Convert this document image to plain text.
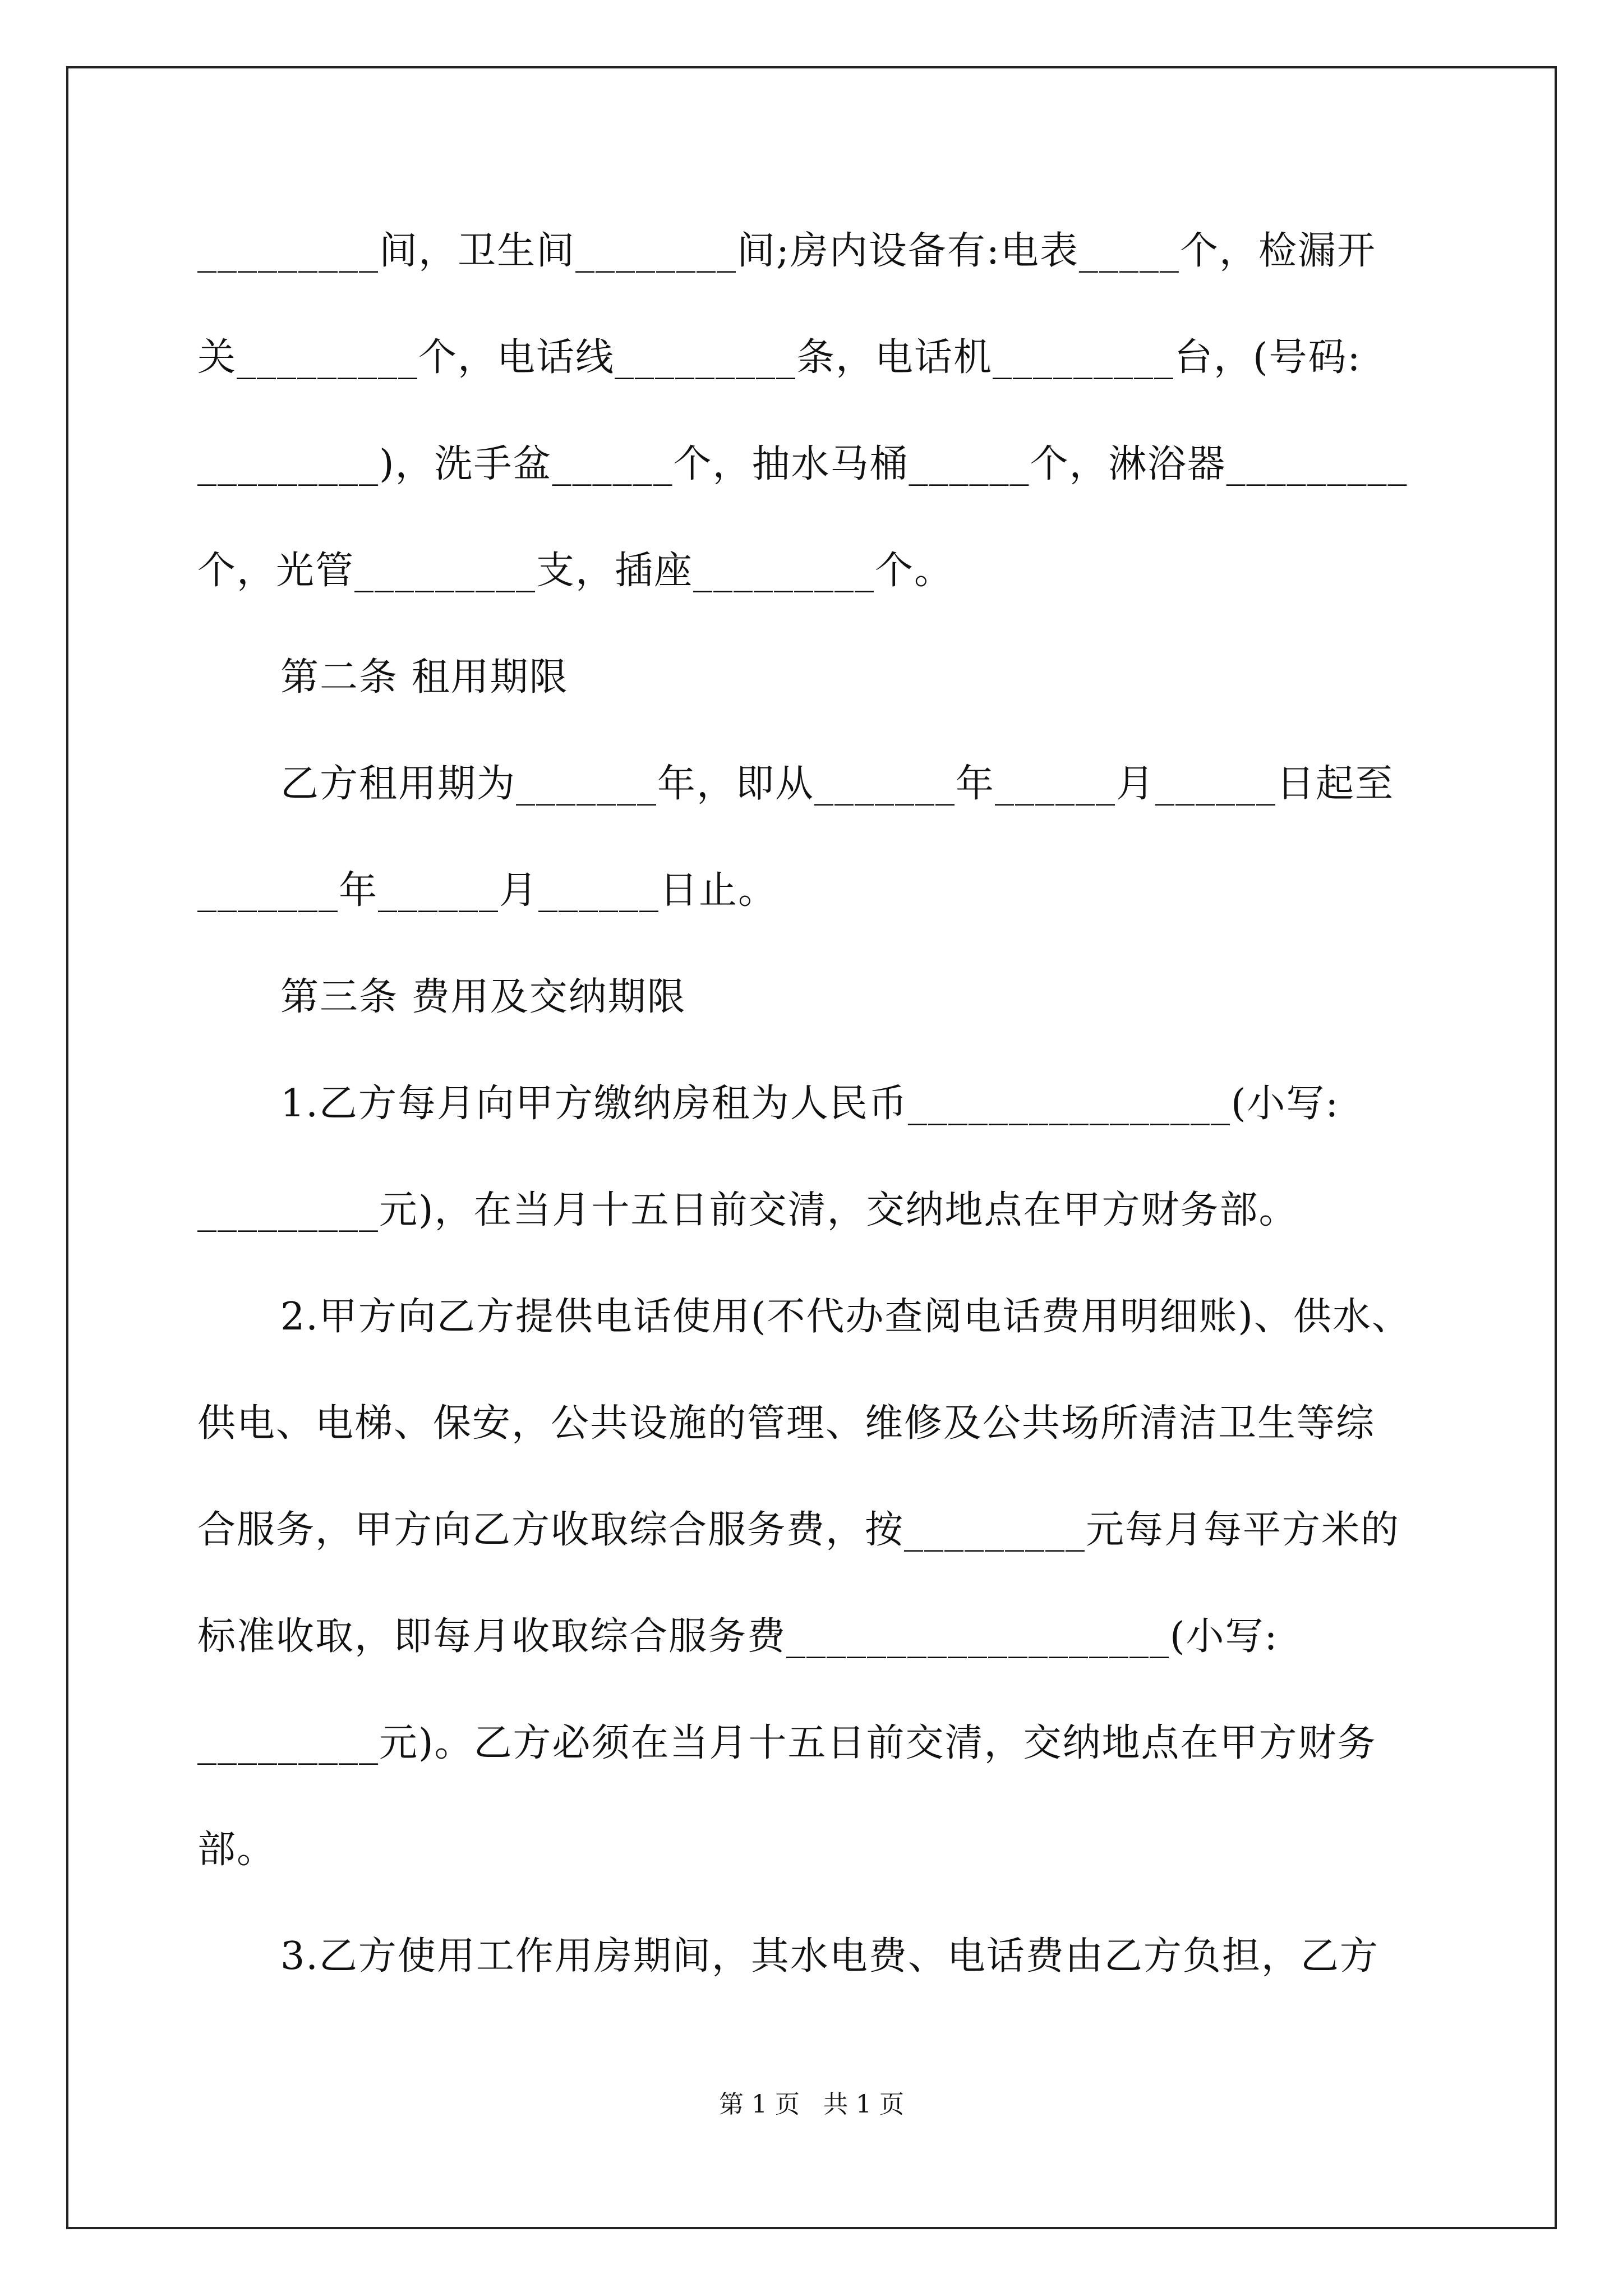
_________间，卫生间________间;房内设备有:电表_____个，检漏开
关_________个，电话线_________条，电话机_________台，(号码:
_________)，洗手盆______个，抽水马桶______个，淋浴器_________
个，光管_________支，插座_________个。
第二条 租用期限
乙方租用期为_______年，即从_______年______月______日起至
_______年______月______日止。
第三条 费用及交纳期限
1.乙方每月向甲方缴纳房租为人民币________________(小写:
_________元)，在当月十五日前交清，交纳地点在甲方财务部。
2.甲方向乙方提供电话使用(不代办查阅电话费用明细账)、供水、
供电、电梯、保安，公共设施的管理、维修及公共场所清洁卫生等综
合服务，甲方向乙方收取综合服务费，按_________元每月每平方米的
标准收取，即每月收取综合服务费___________________(小写:
_________元)。乙方必须在当月十五日前交清，交纳地点在甲方财务
部。
3.乙方使用工作用房期间，其水电费、电话费由乙方负担，乙方
第 1 页   共 1 页
